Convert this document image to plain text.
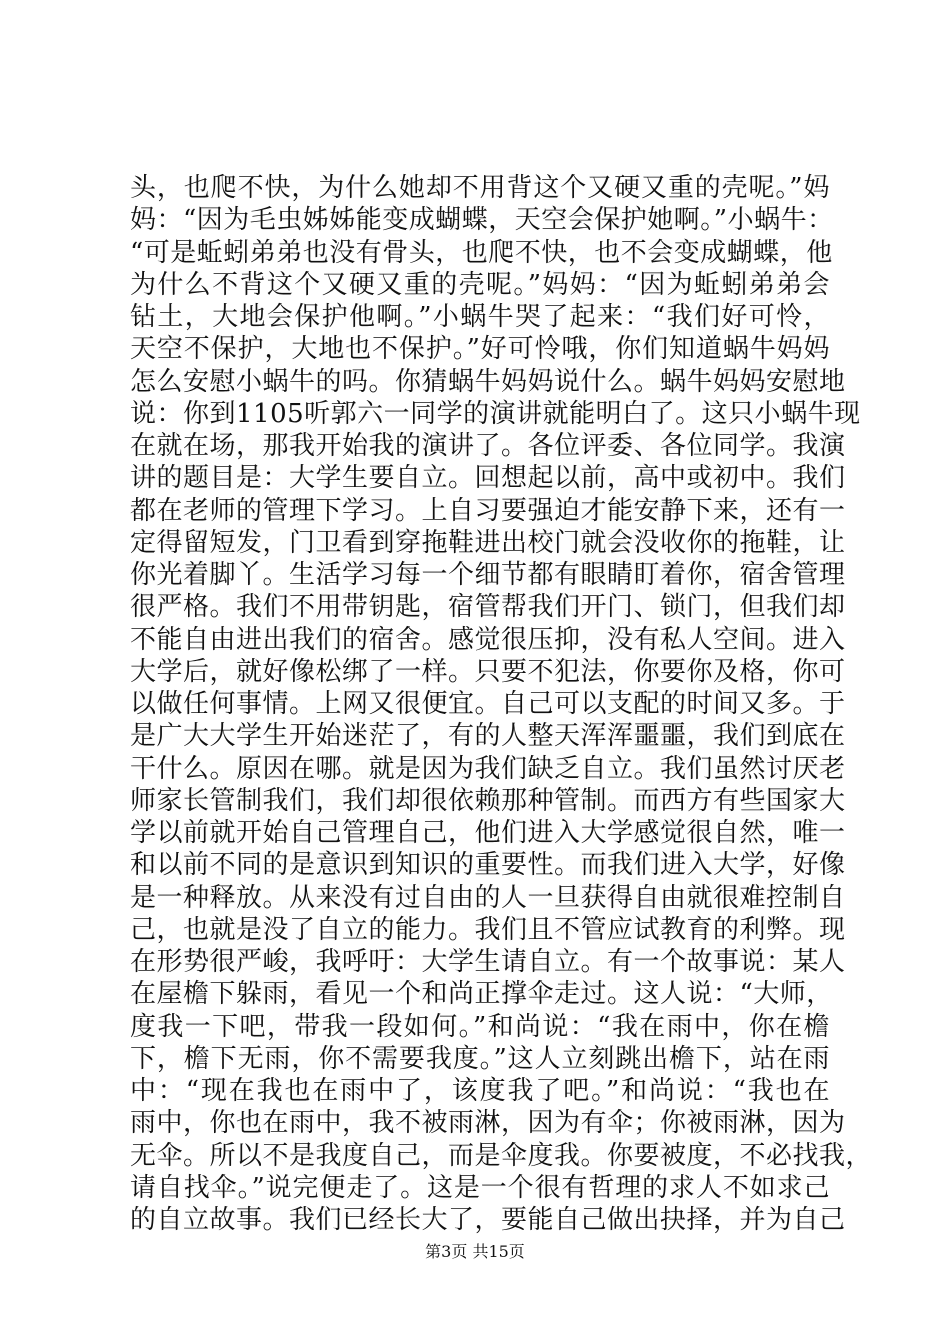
头，也爬不快，为什么她却不用背这个又硬又重的壳呢。”妈
妈：“因为毛虫姊姊能变成蝴蝶，天空会保护她啊。”小蜗牛：
“可是蚯蚓弟弟也没有骨头，也爬不快，也不会变成蝴蝶，他
为什么不背这个又硬又重的壳呢。”妈妈：“因为蚯蚓弟弟会
钻土，大地会保护他啊。”小蜗牛哭了起来：“我们好可怜，
天空不保护，大地也不保护。”好可怜哦，你们知道蜗牛妈妈
怎么安慰小蜗牛的吗。你猜蜗牛妈妈说什么。蜗牛妈妈安慰地
说：你到1105听郭六一同学的演讲就能明白了。这只小蜗牛现
在就在场，那我开始我的演讲了。各位评委、各位同学。我演
讲的题目是：大学生要自立。回想起以前，高中或初中。我们
都在老师的管理下学习。上自习要强迫才能安静下来，还有一
定得留短发，门卫看到穿拖鞋进出校门就会没收你的拖鞋，让
你光着脚丫。生活学习每一个细节都有眼睛盯着你，宿舍管理
很严格。我们不用带钥匙，宿管帮我们开门、锁门，但我们却
不能自由进出我们的宿舍。感觉很压抑，没有私人空间。进入
大学后，就好像松绑了一样。只要不犯法，你要你及格，你可
以做任何事情。上网又很便宜。自己可以支配的时间又多。于
是广大大学生开始迷茫了，有的人整天浑浑噩噩，我们到底在
干什么。原因在哪。就是因为我们缺乏自立。我们虽然讨厌老
师家长管制我们，我们却很依赖那种管制。而西方有些国家大
学以前就开始自己管理自己，他们进入大学感觉很自然，唯一
和以前不同的是意识到知识的重要性。而我们进入大学，好像
是一种释放。从来没有过自由的人一旦获得自由就很难控制自
己，也就是没了自立的能力。我们且不管应试教育的利弊。现
在形势很严峻，我呼吁：大学生请自立。有一个故事说：某人
在屋檐下躲雨，看见一个和尚正撑伞走过。这人说：“大师，
度我一下吧，带我一段如何。”和尚说：“我在雨中，你在檐
下，檐下无雨，你不需要我度。”这人立刻跳出檐下，站在雨
中：“现在我也在雨中了，该度我了吧。”和尚说：“我也在
雨中，你也在雨中，我不被雨淋，因为有伞；你被雨淋，因为
无伞。所以不是我度自己，而是伞度我。你要被度，不必找我，
请自找伞。”说完便走了。这是一个很有哲理的求人不如求己
的自立故事。我们已经长大了，要能自己做出抉择，并为自己
第3页 共15页
